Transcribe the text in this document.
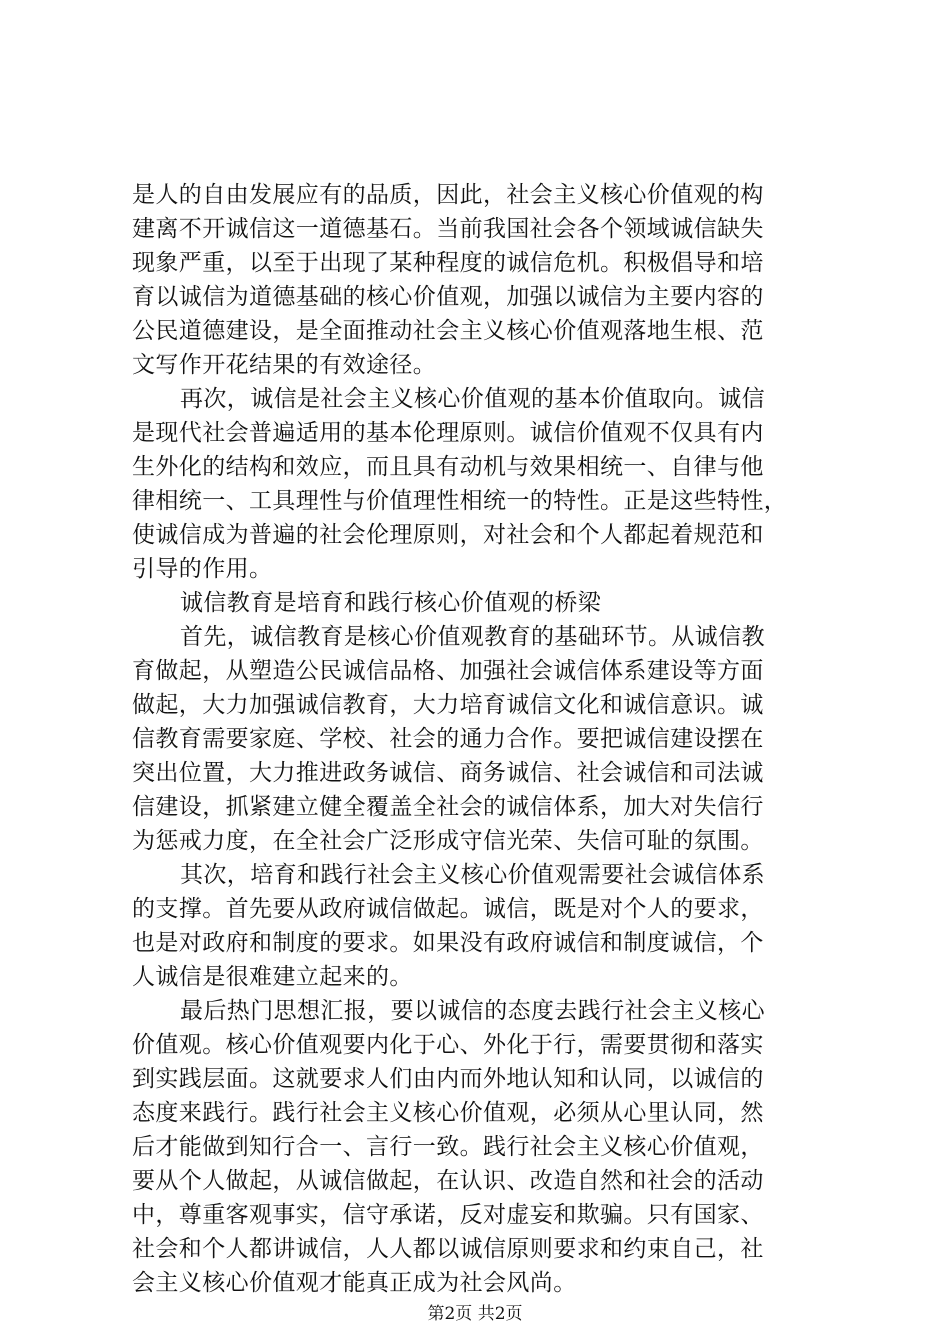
是人的自由发展应有的品质，因此，社会主义核心价值观的构
建离不开诚信这一道德基石。当前我国社会各个领域诚信缺失
现象严重，以至于出现了某种程度的诚信危机。积极倡导和培
育以诚信为道德基础的核心价值观，加强以诚信为主要内容的
公民道德建设，是全面推动社会主义核心价值观落地生根、范
文写作开花结果的有效途径。
再次，诚信是社会主义核心价值观的基本价值取向。诚信
是现代社会普遍适用的基本伦理原则。诚信价值观不仅具有内
生外化的结构和效应，而且具有动机与效果相统一、自律与他
律相统一、工具理性与价值理性相统一的特性。正是这些特性，
使诚信成为普遍的社会伦理原则，对社会和个人都起着规范和
引导的作用。
诚信教育是培育和践行核心价值观的桥梁
首先，诚信教育是核心价值观教育的基础环节。从诚信教
育做起，从塑造公民诚信品格、加强社会诚信体系建设等方面
做起，大力加强诚信教育，大力培育诚信文化和诚信意识。诚
信教育需要家庭、学校、社会的通力合作。要把诚信建设摆在
突出位置，大力推进政务诚信、商务诚信、社会诚信和司法诚
信建设，抓紧建立健全覆盖全社会的诚信体系，加大对失信行
为惩戒力度，在全社会广泛形成守信光荣、失信可耻的氛围。
其次，培育和践行社会主义核心价值观需要社会诚信体系
的支撑。首先要从政府诚信做起。诚信，既是对个人的要求，
也是对政府和制度的要求。如果没有政府诚信和制度诚信，个
人诚信是很难建立起来的。
最后热门思想汇报，要以诚信的态度去践行社会主义核心
价值观。核心价值观要内化于心、外化于行，需要贯彻和落实
到实践层面。这就要求人们由内而外地认知和认同，以诚信的
态度来践行。践行社会主义核心价值观，必须从心里认同，然
后才能做到知行合一、言行一致。践行社会主义核心价值观，
要从个人做起，从诚信做起，在认识、改造自然和社会的活动
中，尊重客观事实，信守承诺，反对虚妄和欺骗。只有国家、
社会和个人都讲诚信，人人都以诚信原则要求和约束自己，社
会主义核心价值观才能真正成为社会风尚。
第2页 共2页
